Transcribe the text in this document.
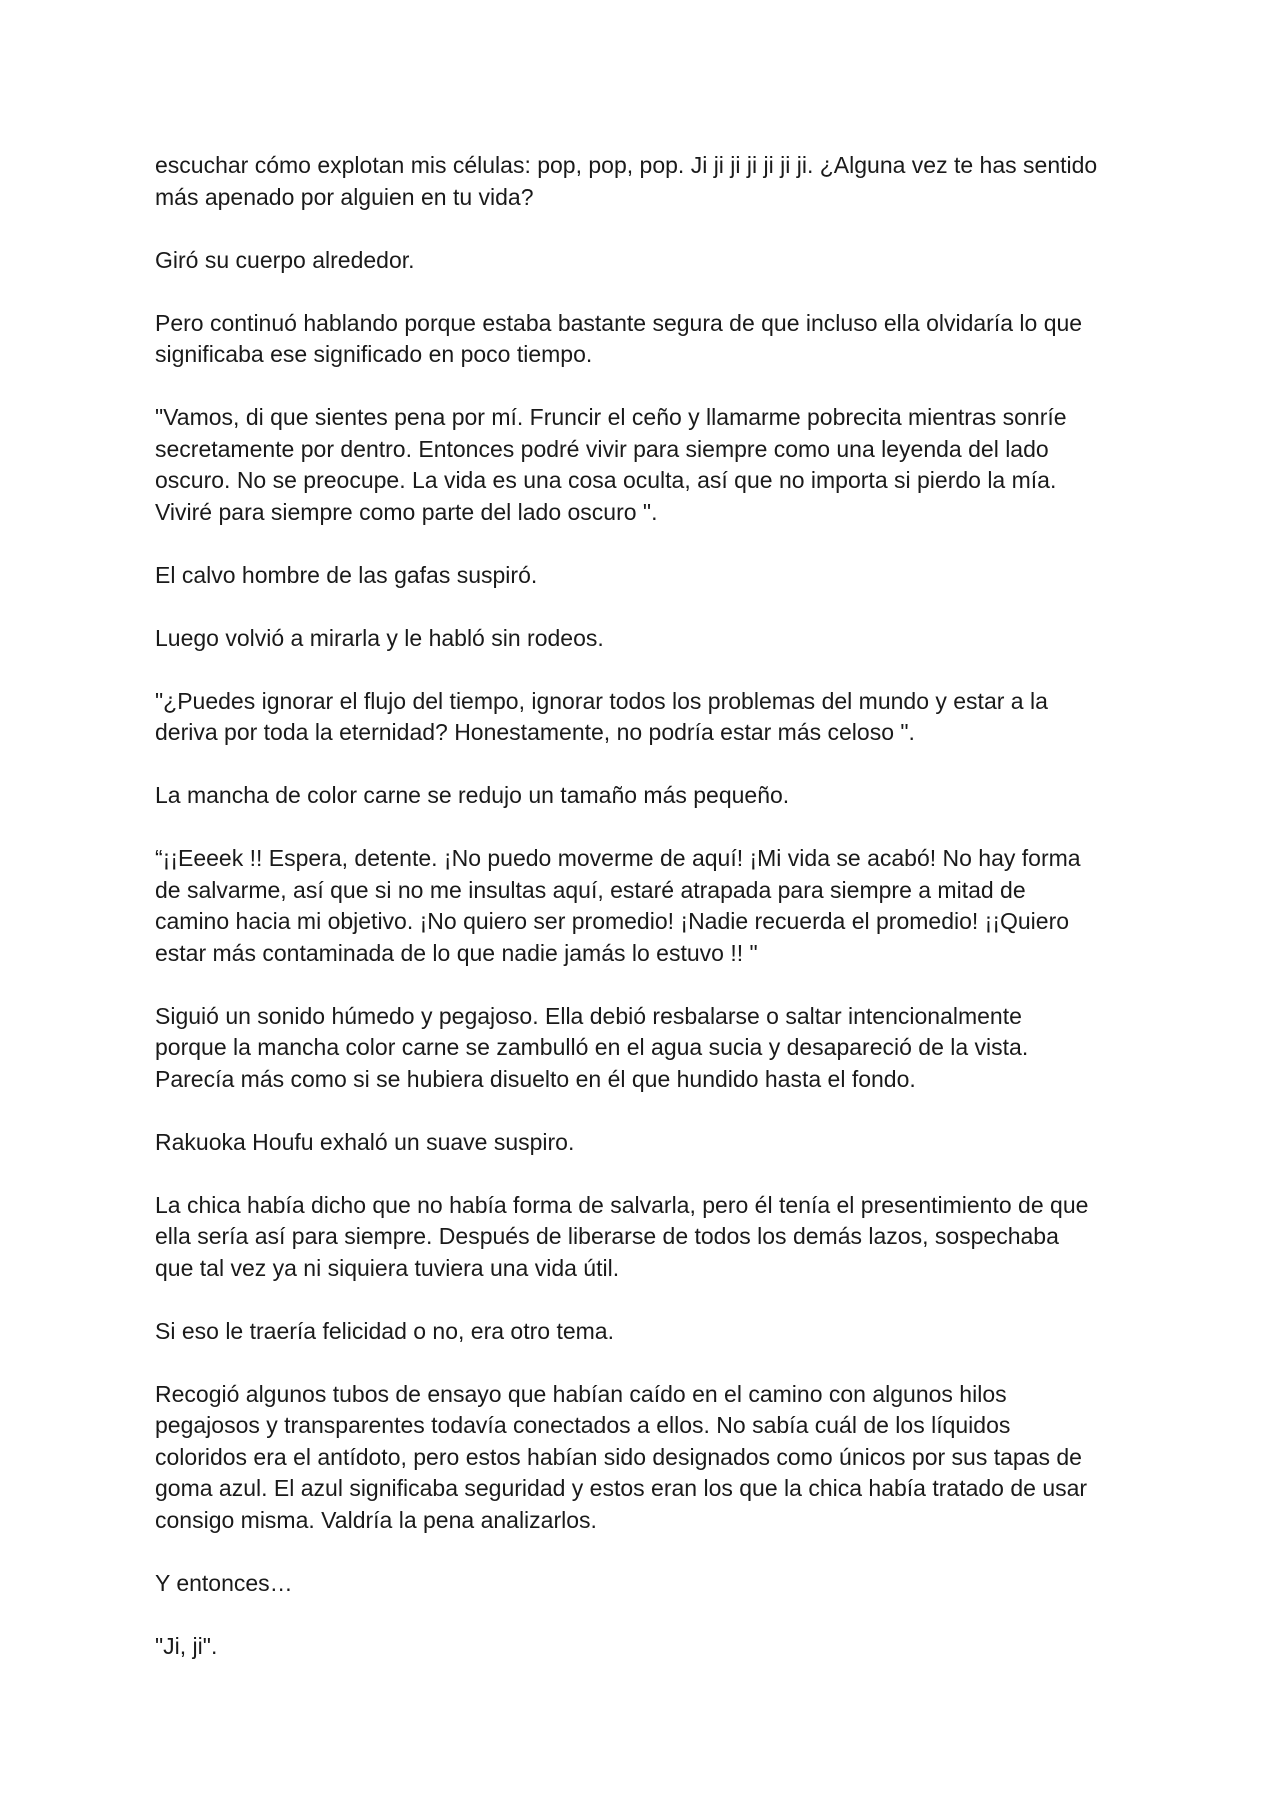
escuchar cómo explotan mis células: pop, pop, pop. Ji ji ji ji ji ji ji. ¿Alguna vez te has sentido
más apenado por alguien en tu vida?

Giró su cuerpo alrededor.

Pero continuó hablando porque estaba bastante segura de que incluso ella olvidaría lo que
significaba ese significado en poco tiempo.

"Vamos, di que sientes pena por mí. Fruncir el ceño y llamarme pobrecita mientras sonríe
secretamente por dentro. Entonces podré vivir para siempre como una leyenda del lado
oscuro. No se preocupe. La vida es una cosa oculta, así que no importa si pierdo la mía.
Viviré para siempre como parte del lado oscuro ".

El calvo hombre de las gafas suspiró.

Luego volvió a mirarla y le habló sin rodeos.

"¿Puedes ignorar el flujo del tiempo, ignorar todos los problemas del mundo y estar a la
deriva por toda la eternidad? Honestamente, no podría estar más celoso ".

La mancha de color carne se redujo un tamaño más pequeño.

“¡¡Eeeek !! Espera, detente. ¡No puedo moverme de aquí! ¡Mi vida se acabó! No hay forma
de salvarme, así que si no me insultas aquí, estaré atrapada para siempre a mitad de
camino hacia mi objetivo. ¡No quiero ser promedio! ¡Nadie recuerda el promedio! ¡¡Quiero
estar más contaminada de lo que nadie jamás lo estuvo !! "

Siguió un sonido húmedo y pegajoso. Ella debió resbalarse o saltar intencionalmente
porque la mancha color carne se zambulló en el agua sucia y desapareció de la vista.
Parecía más como si se hubiera disuelto en él que hundido hasta el fondo.

Rakuoka Houfu exhaló un suave suspiro.

La chica había dicho que no había forma de salvarla, pero él tenía el presentimiento de que
ella sería así para siempre. Después de liberarse de todos los demás lazos, sospechaba
que tal vez ya ni siquiera tuviera una vida útil.

Si eso le traería felicidad o no, era otro tema.

Recogió algunos tubos de ensayo que habían caído en el camino con algunos hilos
pegajosos y transparentes todavía conectados a ellos. No sabía cuál de los líquidos
coloridos era el antídoto, pero estos habían sido designados como únicos por sus tapas de
goma azul. El azul significaba seguridad y estos eran los que la chica había tratado de usar
consigo misma. Valdría la pena analizarlos.

Y entonces…

"Ji, ji".
